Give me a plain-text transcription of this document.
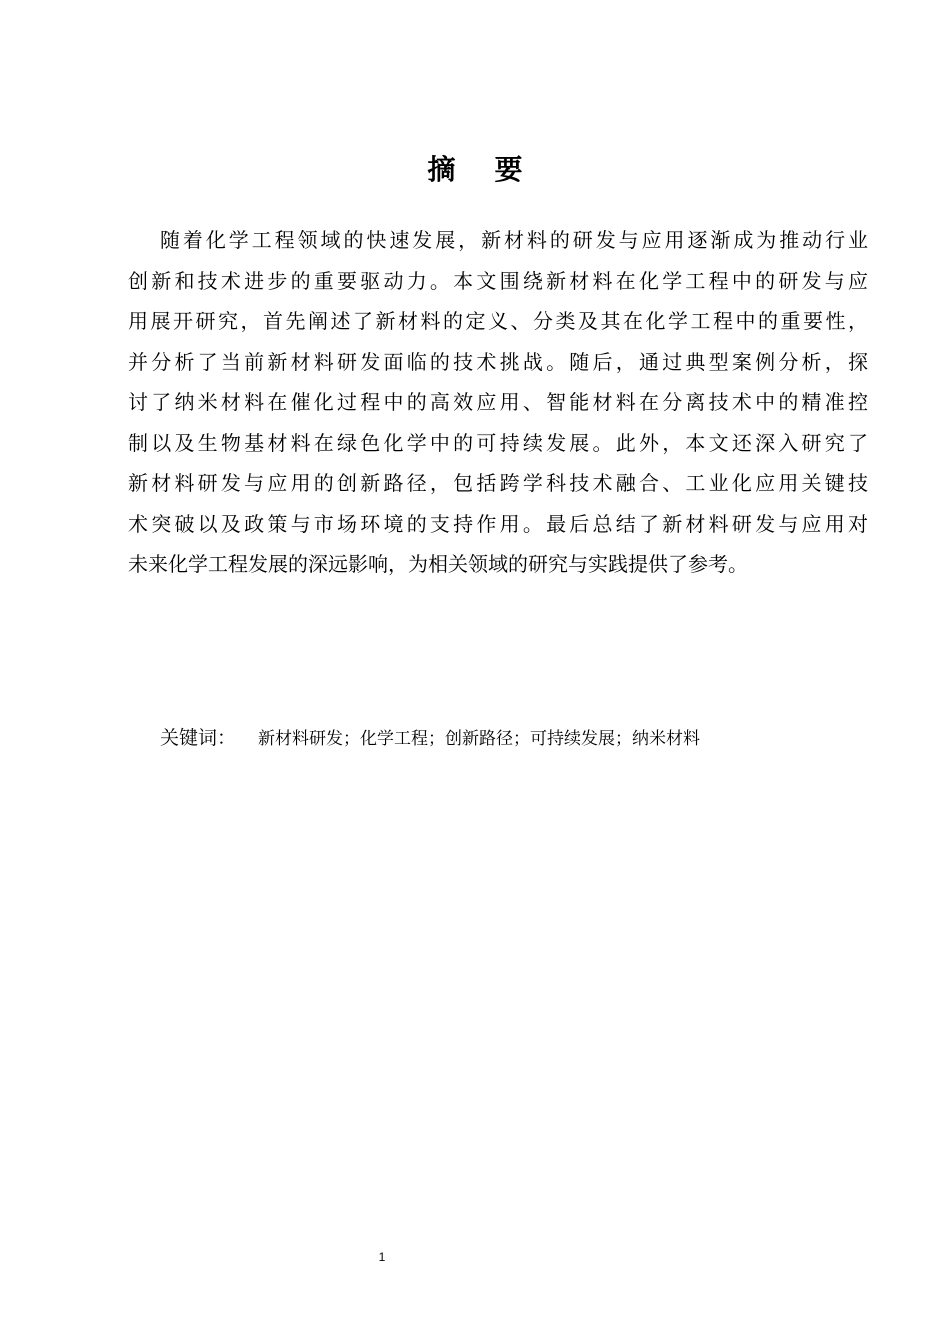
摘    要
随着化学工程领域的快速发展，新材料的研发与应用逐渐成为推动行业
创新和技术进步的重要驱动力。本文围绕新材料在化学工程中的研发与应
用展开研究，首先阐述了新材料的定义、分类及其在化学工程中的重要性，
并分析了当前新材料研发面临的技术挑战。随后，通过典型案例分析，探
讨了纳米材料在催化过程中的高效应用、智能材料在分离技术中的精准控
制以及生物基材料在绿色化学中的可持续发展。此外，本文还深入研究了
新材料研发与应用的创新路径，包括跨学科技术融合、工业化应用关键技
术突破以及政策与市场环境的支持作用。最后总结了新材料研发与应用对
未来化学工程发展的深远影响，为相关领域的研究与实践提供了参考。
关键词： 新材料研发；化学工程；创新路径；可持续发展；纳米材料
1
